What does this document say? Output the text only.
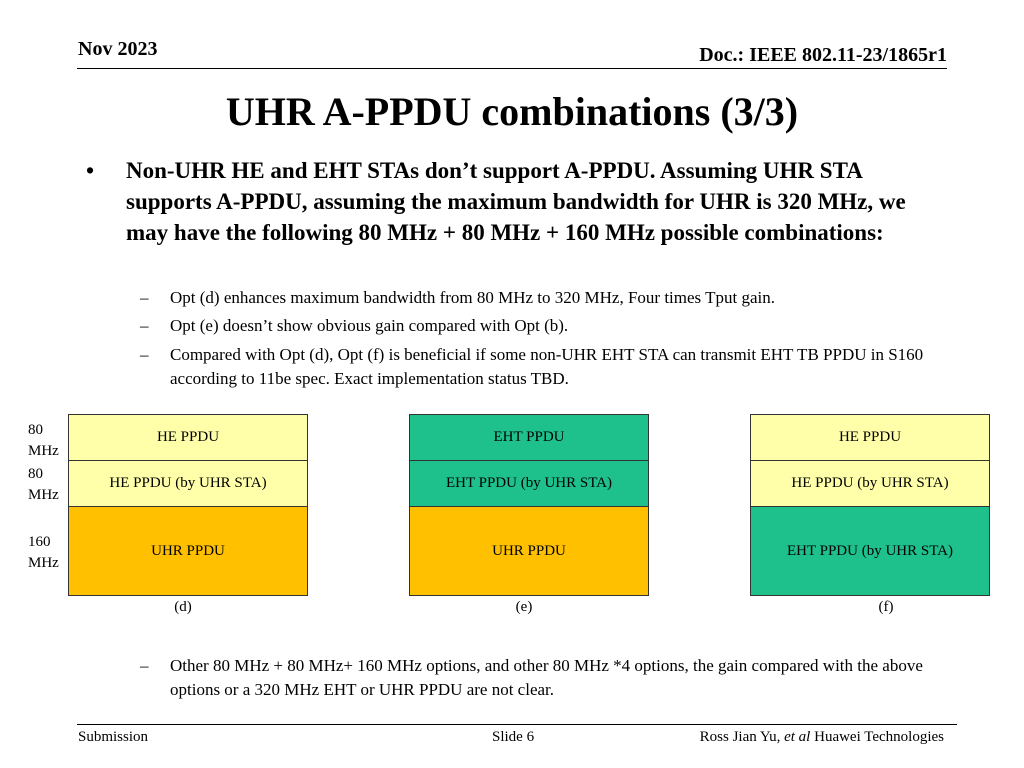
Nov 2023	Doc.: IEEE 802.11-23/1865r1
UHR A-PPDU combinations (3/3)
• Non-UHR HE and EHT STAs don’t support A-PPDU. Assuming UHR STA supports A-PPDU, assuming the maximum bandwidth for UHR is 320 MHz, we may have the following 80 MHz + 80 MHz + 160 MHz possible combinations:
– Opt (d) enhances maximum bandwidth from 80 MHz to 320 MHz, Four times Tput gain.
– Opt (e) doesn’t show obvious gain compared with Opt (b).
– Compared with Opt (d), Opt (f) is beneficial if some non-UHR EHT STA can transmit EHT TB PPDU in S160 according to 11be spec. Exact implementation status TBD.
80 MHz
80 MHz
160 MHz
HE PPDU
HE PPDU (by UHR STA)
UHR PPDU
(d)
EHT PPDU
EHT PPDU (by UHR STA)
UHR PPDU
(e)
HE PPDU
HE PPDU (by UHR STA)
EHT PPDU (by UHR STA)
(f)
– Other 80 MHz + 80 MHz+ 160 MHz options, and other 80 MHz *4 options, the gain compared with the above options or a 320 MHz EHT or UHR PPDU are not clear.
Submission	Slide 6	Ross Jian Yu, et al Huawei Technologies
